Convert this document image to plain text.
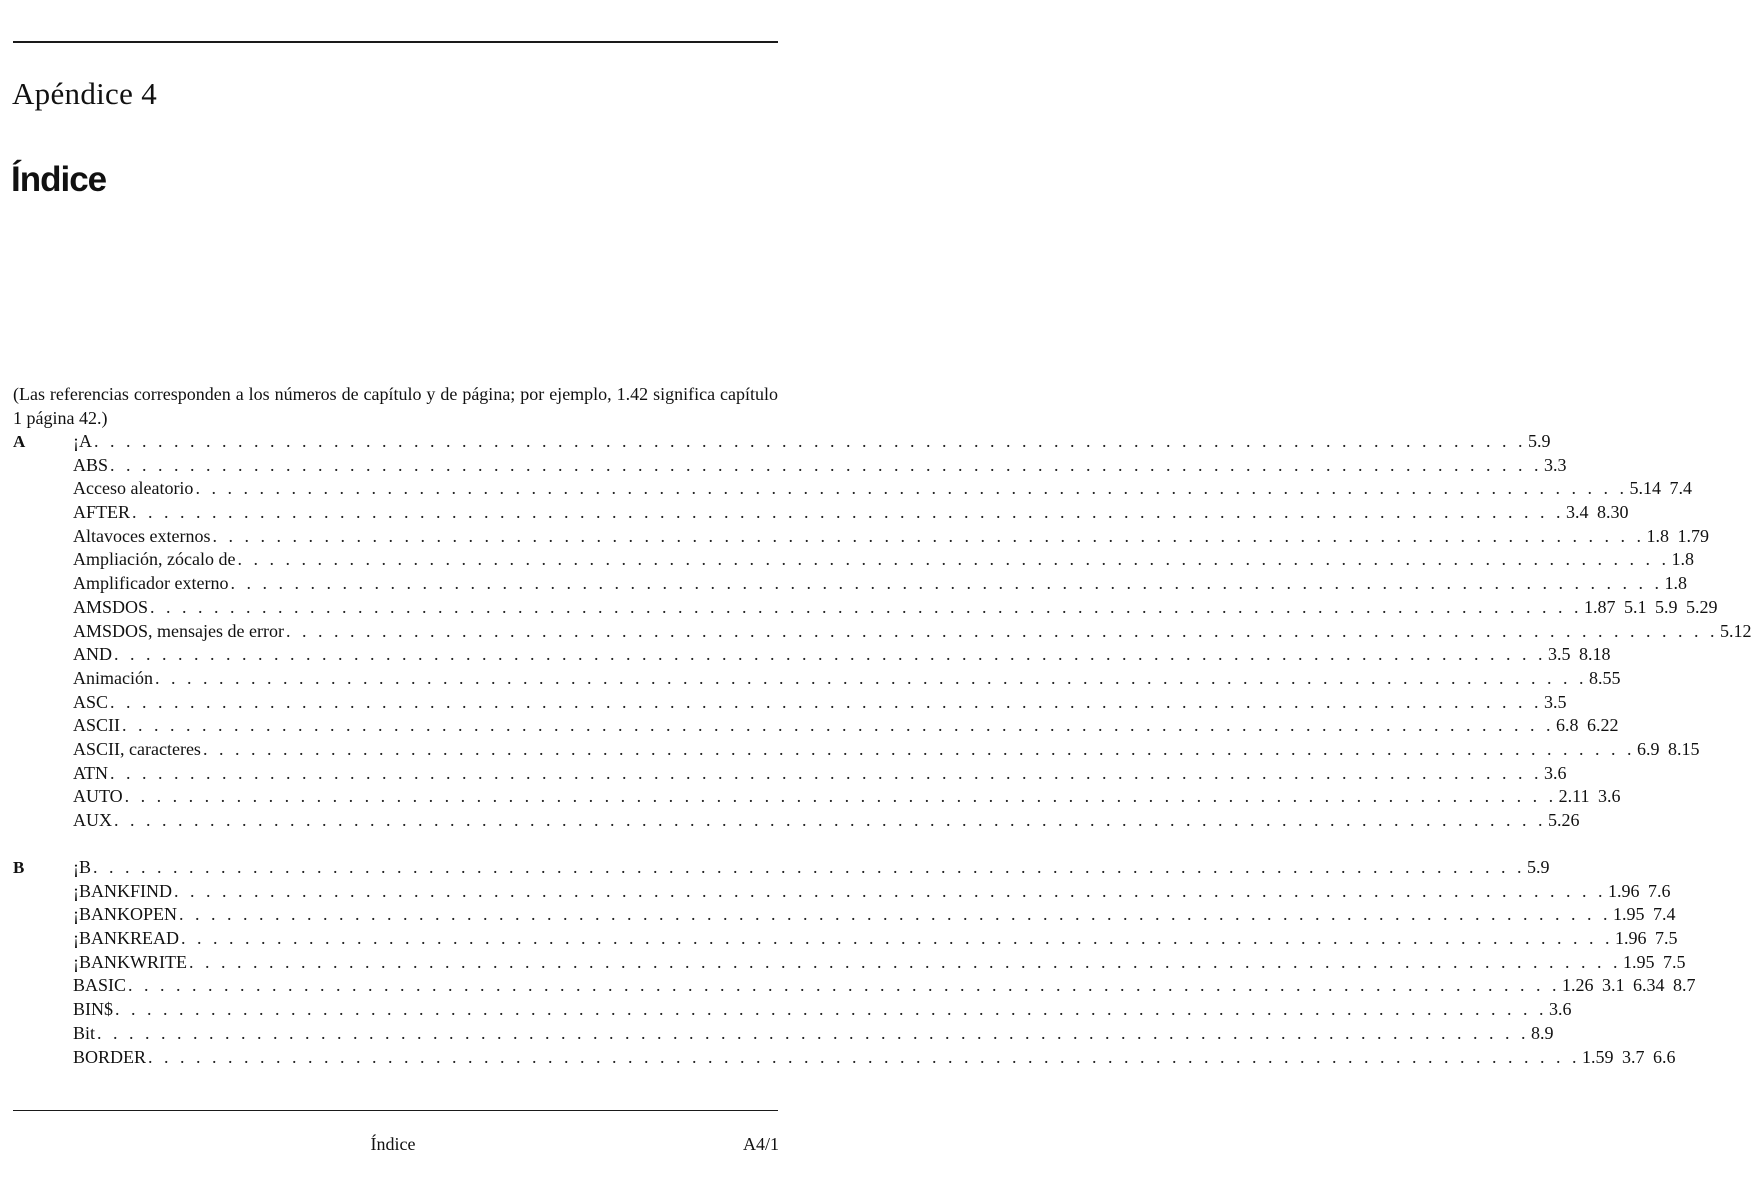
Apéndice 4
Índice

(Las referencias corresponden a los números de capítulo y de página; por ejemplo, 1.42 significa capítulo 1 página 42.)

A	¡A . . . . . . . . . . . . . . . . . . . . . . . . . . . . . . . . . . . . . . . . . . . . . . . . . . . . . . . . . . . . . . . . . . . . . . . . . . . . . . . . . . . . . . . . . . 5.9
ABS . . . . . . . . . . . . . . . . . . . . . . . . . . . . . . . . . . . . . . . . . . . . . . . . . . . . . . . . . . . . . . . . . . . . . . . . . . . . . . . . . . . . . . . . . . 3.3
Acceso aleatorio . . . . . . . . . . . . . . . . . . . . . . . . . . . . . . . . . . . . . . . . . . . . . . . . . . . . . . . . . . . . . . . . . . . . . . . . . . . . . . . . . . . . . . . . . . 5.14 7.4
AFTER . . . . . . . . . . . . . . . . . . . . . . . . . . . . . . . . . . . . . . . . . . . . . . . . . . . . . . . . . . . . . . . . . . . . . . . . . . . . . . . . . . . . . . . . . . 3.4 8.30
Altavoces externos . . . . . . . . . . . . . . . . . . . . . . . . . . . . . . . . . . . . . . . . . . . . . . . . . . . . . . . . . . . . . . . . . . . . . . . . . . . . . . . . . . . . . . . . . . 1.8 1.79
Ampliación, zócalo de . . . . . . . . . . . . . . . . . . . . . . . . . . . . . . . . . . . . . . . . . . . . . . . . . . . . . . . . . . . . . . . . . . . . . . . . . . . . . . . . . . . . . . . . . . 1.8
Amplificador externo . . . . . . . . . . . . . . . . . . . . . . . . . . . . . . . . . . . . . . . . . . . . . . . . . . . . . . . . . . . . . . . . . . . . . . . . . . . . . . . . . . . . . . . . . . 1.8
AMSDOS . . . . . . . . . . . . . . . . . . . . . . . . . . . . . . . . . . . . . . . . . . . . . . . . . . . . . . . . . . . . . . . . . . . . . . . . . . . . . . . . . . . . . . . . . . 1.87 5.1 5.9 5.29
AMSDOS, mensajes de error . . . . . . . . . . . . . . . . . . . . . . . . . . . . . . . . . . . . . . . . . . . . . . . . . . . . . . . . . . . . . . . . . . . . . . . . . . . . . . . . . . . . . . . . . . 5.12
AND . . . . . . . . . . . . . . . . . . . . . . . . . . . . . . . . . . . . . . . . . . . . . . . . . . . . . . . . . . . . . . . . . . . . . . . . . . . . . . . . . . . . . . . . . . 3.5 8.18
Animación . . . . . . . . . . . . . . . . . . . . . . . . . . . . . . . . . . . . . . . . . . . . . . . . . . . . . . . . . . . . . . . . . . . . . . . . . . . . . . . . . . . . . . . . . . 8.55
ASC . . . . . . . . . . . . . . . . . . . . . . . . . . . . . . . . . . . . . . . . . . . . . . . . . . . . . . . . . . . . . . . . . . . . . . . . . . . . . . . . . . . . . . . . . . 3.5
ASCII . . . . . . . . . . . . . . . . . . . . . . . . . . . . . . . . . . . . . . . . . . . . . . . . . . . . . . . . . . . . . . . . . . . . . . . . . . . . . . . . . . . . . . . . . . 6.8 6.22
ASCII, caracteres . . . . . . . . . . . . . . . . . . . . . . . . . . . . . . . . . . . . . . . . . . . . . . . . . . . . . . . . . . . . . . . . . . . . . . . . . . . . . . . . . . . . . . . . . . 6.9 8.15
ATN . . . . . . . . . . . . . . . . . . . . . . . . . . . . . . . . . . . . . . . . . . . . . . . . . . . . . . . . . . . . . . . . . . . . . . . . . . . . . . . . . . . . . . . . . . 3.6
AUTO . . . . . . . . . . . . . . . . . . . . . . . . . . . . . . . . . . . . . . . . . . . . . . . . . . . . . . . . . . . . . . . . . . . . . . . . . . . . . . . . . . . . . . . . . . 2.11 3.6
AUX . . . . . . . . . . . . . . . . . . . . . . . . . . . . . . . . . . . . . . . . . . . . . . . . . . . . . . . . . . . . . . . . . . . . . . . . . . . . . . . . . . . . . . . . . . 5.26
B	¡B . . . . . . . . . . . . . . . . . . . . . . . . . . . . . . . . . . . . . . . . . . . . . . . . . . . . . . . . . . . . . . . . . . . . . . . . . . . . . . . . . . . . . . . . . . 5.9
¡BANKFIND . . . . . . . . . . . . . . . . . . . . . . . . . . . . . . . . . . . . . . . . . . . . . . . . . . . . . . . . . . . . . . . . . . . . . . . . . . . . . . . . . . . . . . . . . . 1.96 7.6
¡BANKOPEN . . . . . . . . . . . . . . . . . . . . . . . . . . . . . . . . . . . . . . . . . . . . . . . . . . . . . . . . . . . . . . . . . . . . . . . . . . . . . . . . . . . . . . . . . . 1.95 7.4
¡BANKREAD . . . . . . . . . . . . . . . . . . . . . . . . . . . . . . . . . . . . . . . . . . . . . . . . . . . . . . . . . . . . . . . . . . . . . . . . . . . . . . . . . . . . . . . . . . 1.96 7.5
¡BANKWRITE . . . . . . . . . . . . . . . . . . . . . . . . . . . . . . . . . . . . . . . . . . . . . . . . . . . . . . . . . . . . . . . . . . . . . . . . . . . . . . . . . . . . . . . . . . 1.95 7.5
BASIC . . . . . . . . . . . . . . . . . . . . . . . . . . . . . . . . . . . . . . . . . . . . . . . . . . . . . . . . . . . . . . . . . . . . . . . . . . . . . . . . . . . . . . . . . . 1.26 3.1 6.34 8.7
BIN$ . . . . . . . . . . . . . . . . . . . . . . . . . . . . . . . . . . . . . . . . . . . . . . . . . . . . . . . . . . . . . . . . . . . . . . . . . . . . . . . . . . . . . . . . . . 3.6
Bit . . . . . . . . . . . . . . . . . . . . . . . . . . . . . . . . . . . . . . . . . . . . . . . . . . . . . . . . . . . . . . . . . . . . . . . . . . . . . . . . . . . . . . . . . . 8.9
BORDER . . . . . . . . . . . . . . . . . . . . . . . . . . . . . . . . . . . . . . . . . . . . . . . . . . . . . . . . . . . . . . . . . . . . . . . . . . . . . . . . . . . . . . . . . . 1.59 3.7 6.6
Índice	A4/1
